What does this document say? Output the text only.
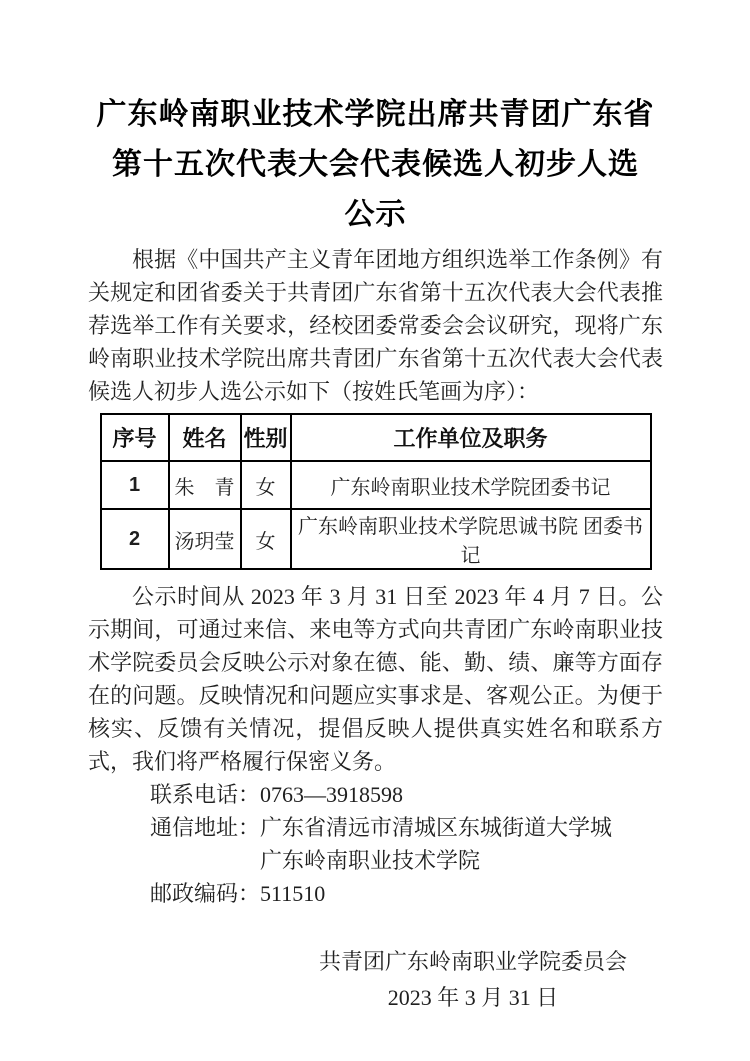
广东岭南职业技术学院出席共青团广东省
第十五次代表大会代表候选人初步人选
公示

根据《中国共产主义青年团地方组织选举工作条例》有关规定和团省委关于共青团广东省第十五次代表大会代表推荐选举工作有关要求，经校团委常委会会议研究，现将广东岭南职业技术学院出席共青团广东省第十五次代表大会代表候选人初步人选公示如下（按姓氏笔画为序）：

序号	姓名	性别	工作单位及职务
1	朱　青	女	广东岭南职业技术学院团委书记
2	汤玥莹	女	广东岭南职业技术学院思诚书院 团委书记

公示时间从 2023 年 3 月 31 日至 2023 年 4 月 7 日。公示期间，可通过来信、来电等方式向共青团广东岭南职业技术学院委员会反映公示对象在德、能、勤、绩、廉等方面存在的问题。反映情况和问题应实事求是、客观公正。为便于核实、反馈有关情况，提倡反映人提供真实姓名和联系方式，我们将严格履行保密义务。

联系电话：0763—3918598

通信地址：广东省清远市清城区东城街道大学城

广东岭南职业技术学院

邮政编码：511510

共青团广东岭南职业学院委员会
2023 年 3 月 31 日
